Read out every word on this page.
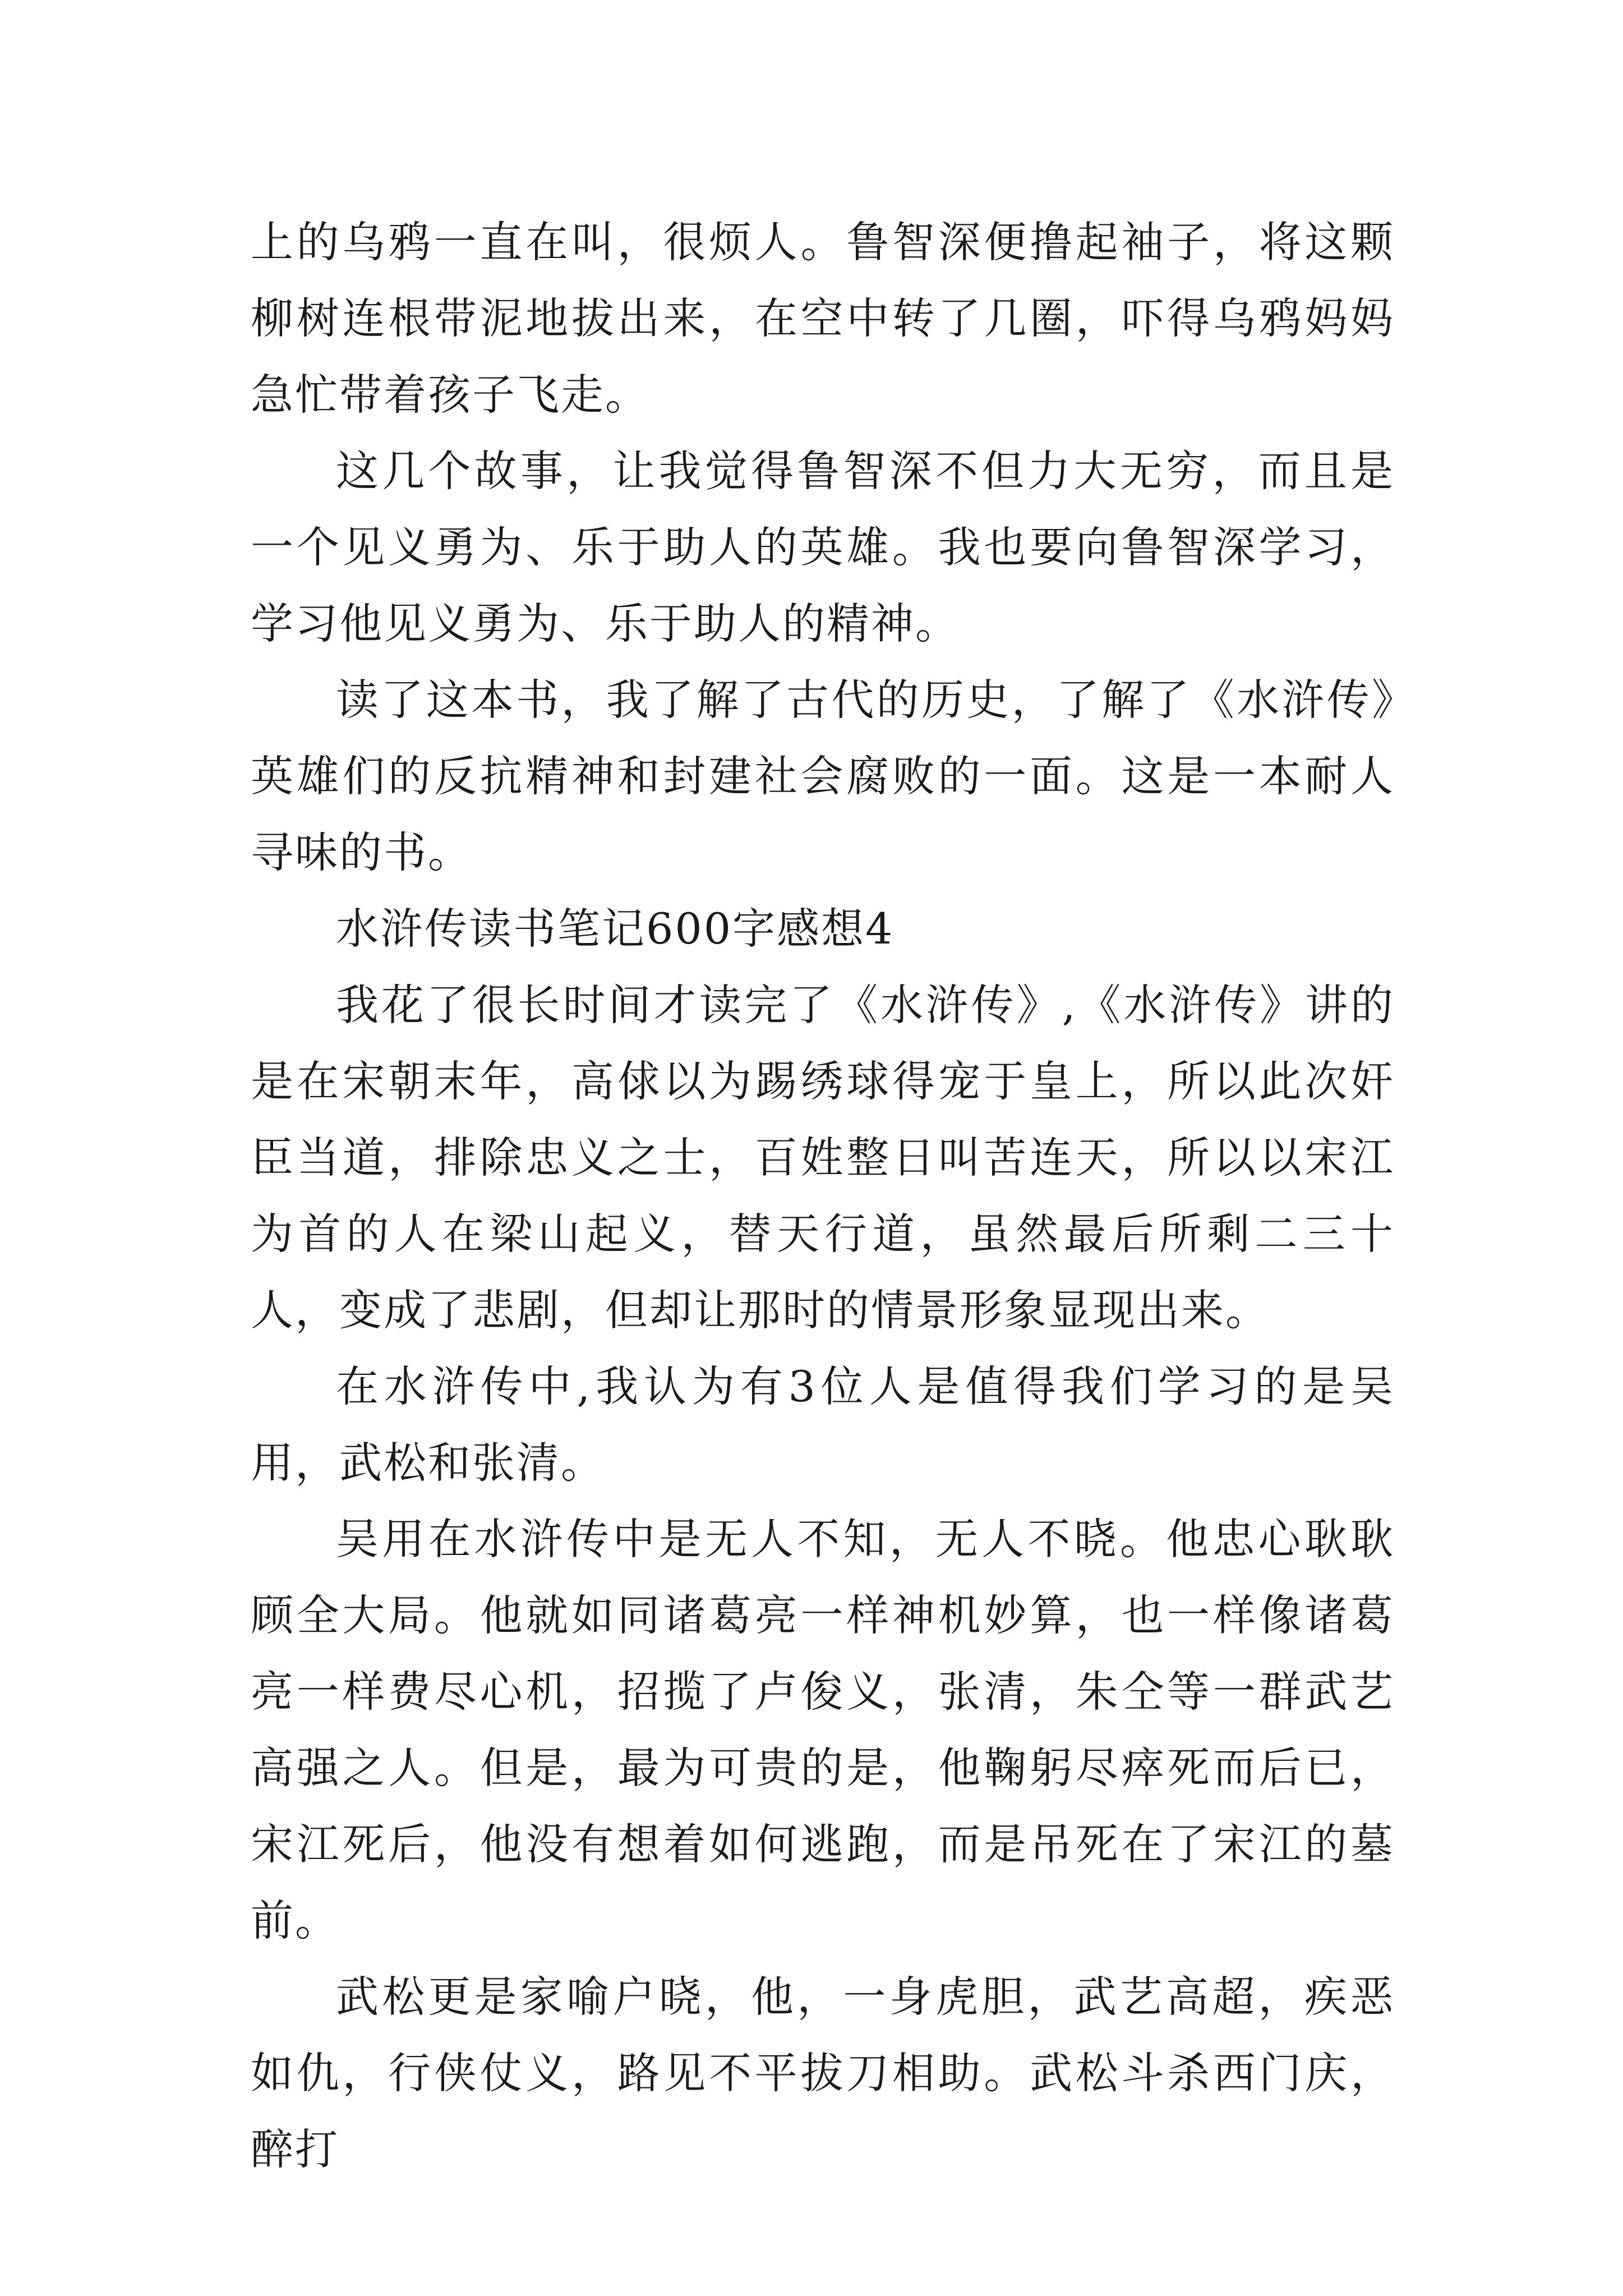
上的乌鸦一直在叫，很烦人。鲁智深便撸起袖子，将这颗柳树连根带泥地拔出来，在空中转了几圈，吓得乌鸦妈妈急忙带着孩子飞走。

这几个故事，让我觉得鲁智深不但力大无穷，而且是一个见义勇为、乐于助人的英雄。我也要向鲁智深学习，学习他见义勇为、乐于助人的精神。

读了这本书，我了解了古代的历史，了解了《水浒传》英雄们的反抗精神和封建社会腐败的一面。这是一本耐人寻味的书。

水浒传读书笔记600字感想4

我花了很长时间才读完了《水浒传》,《水浒传》讲的是在宋朝末年，高俅以为踢绣球得宠于皇上，所以此次奸臣当道，排除忠义之士，百姓整日叫苦连天，所以以宋江为首的人在梁山起义，替天行道，虽然最后所剩二三十人，变成了悲剧，但却让那时的情景形象显现出来。

在水浒传中,我认为有3位人是值得我们学习的是吴用，武松和张清。

吴用在水浒传中是无人不知，无人不晓。他忠心耿耿顾全大局。他就如同诸葛亮一样神机妙算，也一样像诸葛亮一样费尽心机，招揽了卢俊义，张清，朱仝等一群武艺高强之人。但是，最为可贵的是，他鞠躬尽瘁死而后已，宋江死后，他没有想着如何逃跑，而是吊死在了宋江的墓前。

武松更是家喻户晓，他，一身虎胆，武艺高超，疾恶如仇，行侠仗义，路见不平拔刀相助。武松斗杀西门庆，醉打
